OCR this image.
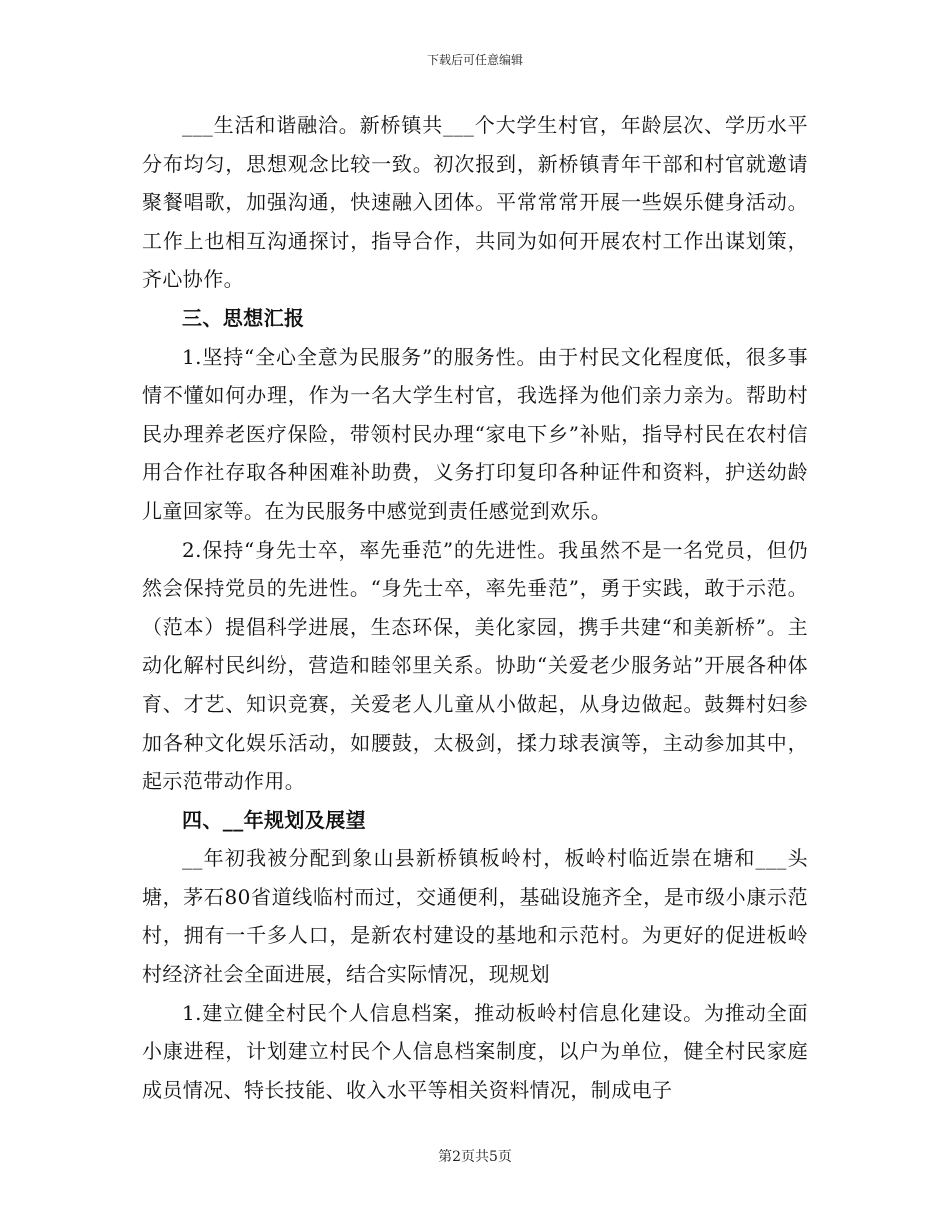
下载后可任意编辑

___生活和谐融洽。新桥镇共___个大学生村官，年龄层次、学历水平分布均匀，思想观念比较一致。初次报到，新桥镇青年干部和村官就邀请聚餐唱歌，加强沟通，快速融入团体。平常常常开展一些娱乐健身活动。工作上也相互沟通探讨，指导合作，共同为如何开展农村工作出谋划策，齐心协作。

三、思想汇报

1.坚持“全心全意为民服务”的服务性。由于村民文化程度低，很多事情不懂如何办理，作为一名大学生村官，我选择为他们亲力亲为。帮助村民办理养老医疗保险，带领村民办理“家电下乡”补贴，指导村民在农村信用合作社存取各种困难补助费，义务打印复印各种证件和资料，护送幼龄儿童回家等。在为民服务中感觉到责任感觉到欢乐。

2.保持“身先士卒，率先垂范”的先进性。我虽然不是一名党员，但仍然会保持党员的先进性。“身先士卒，率先垂范”，勇于实践，敢于示范。（范本）提倡科学进展，生态环保，美化家园，携手共建“和美新桥”。主动化解村民纠纷，营造和睦邻里关系。协助“关爱老少服务站”开展各种体育、才艺、知识竞赛，关爱老人儿童从小做起，从身边做起。鼓舞村妇参加各种文化娱乐活动，如腰鼓，太极剑，揉力球表演等，主动参加其中，起示范带动作用。

四、__年规划及展望

__年初我被分配到象山县新桥镇板岭村，板岭村临近崇在塘和___头塘，茅石80省道线临村而过，交通便利，基础设施齐全，是市级小康示范村，拥有一千多人口，是新农村建设的基地和示范村。为更好的促进板岭村经济社会全面进展，结合实际情况，现规划

1.建立健全村民个人信息档案，推动板岭村信息化建设。为推动全面小康进程，计划建立村民个人信息档案制度，以户为单位，健全村民家庭成员情况、特长技能、收入水平等相关资料情况，制成电子

第2页共5页
